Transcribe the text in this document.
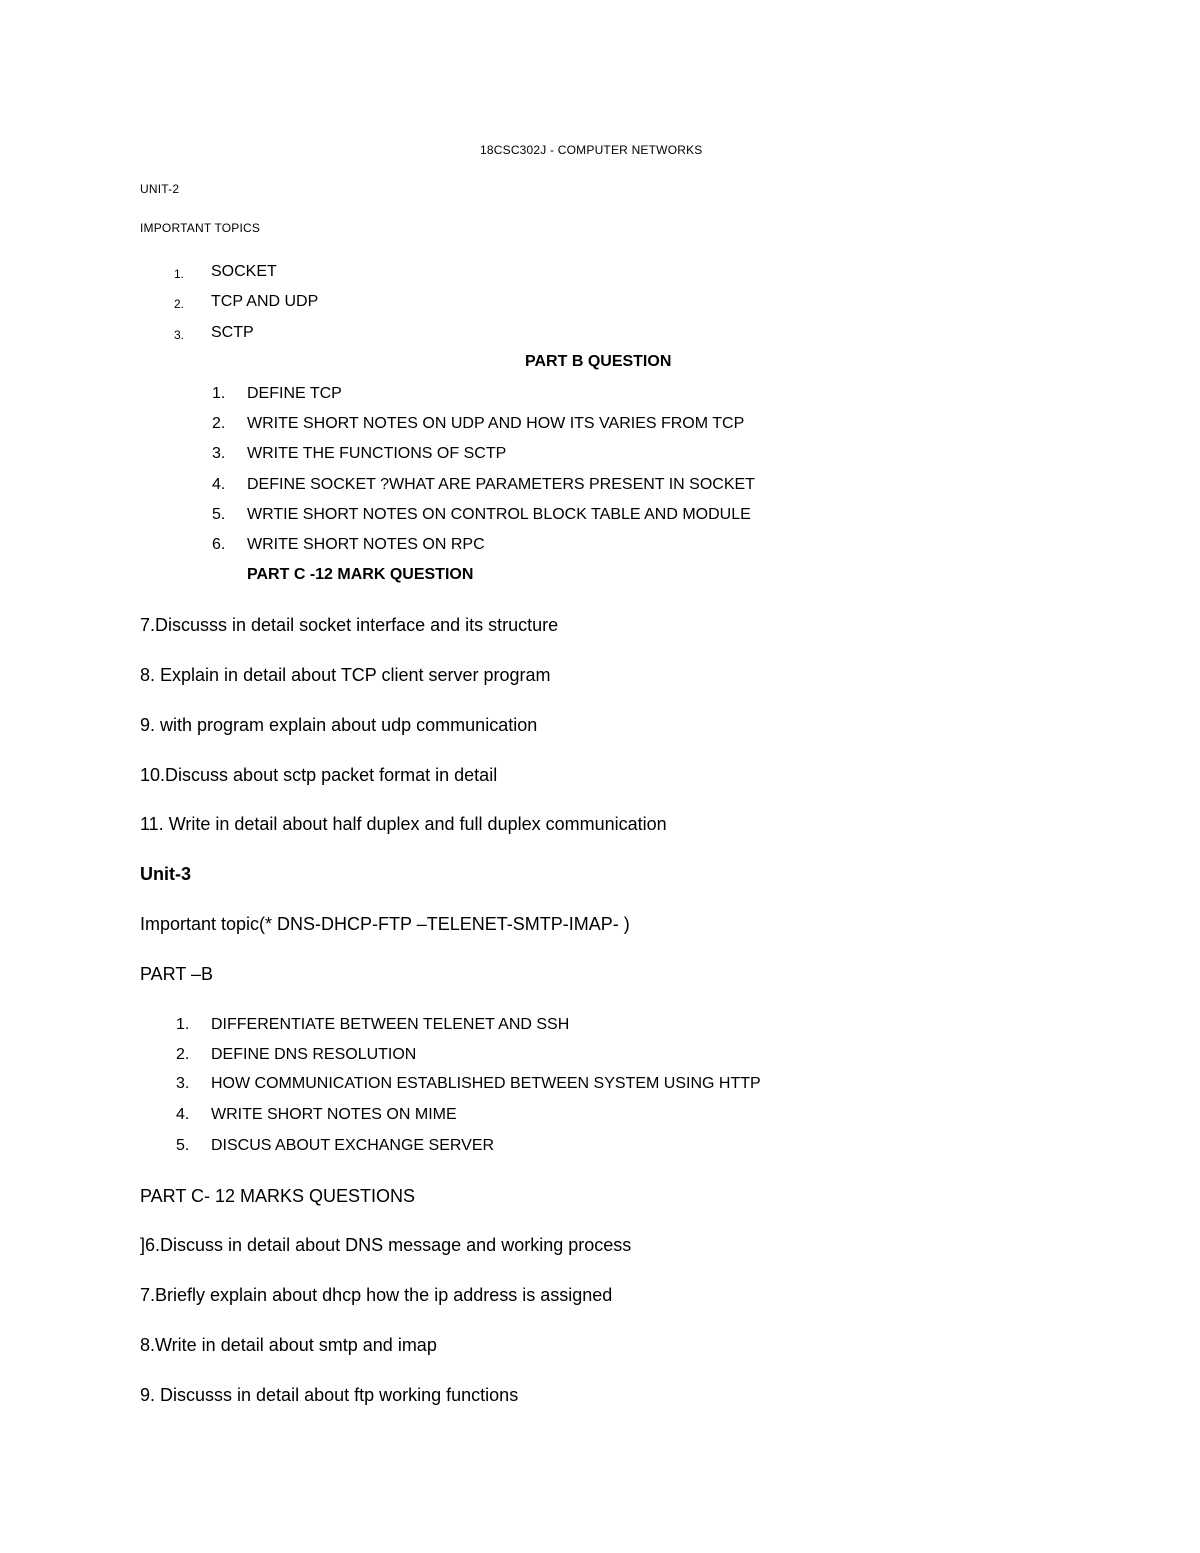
18CSC302J - COMPUTER NETWORKS
UNIT-2
IMPORTANT TOPICS
1. SOCKET
2. TCP AND UDP
3. SCTP
PART B QUESTION
1. DEFINE TCP
2. WRITE SHORT NOTES ON UDP AND HOW ITS VARIES FROM TCP
3. WRITE THE FUNCTIONS OF SCTP
4. DEFINE SOCKET ?WHAT ARE PARAMETERS PRESENT IN SOCKET
5. WRTIE SHORT NOTES ON CONTROL BLOCK TABLE AND MODULE
6. WRITE SHORT NOTES ON RPC
PART C -12 MARK QUESTION
7.Discusss in detail socket interface and its structure
8. Explain in detail about TCP client server program
9. with program explain about udp communication
10.Discuss about sctp packet format in detail
11. Write in detail about half duplex and full duplex communication
Unit-3
Important topic(* DNS-DHCP-FTP –TELENET-SMTP-IMAP- )
PART –B
1. DIFFERENTIATE BETWEEN TELENET AND SSH
2. DEFINE DNS RESOLUTION
3. HOW COMMUNICATION ESTABLISHED BETWEEN SYSTEM USING HTTP
4. WRITE SHORT NOTES ON MIME
5. DISCUS ABOUT EXCHANGE SERVER
PART C- 12 MARKS QUESTIONS
]6.Discuss in detail about DNS message and working process
7.Briefly explain about dhcp how the ip address is assigned
8.Write in detail about smtp and imap
9. Discusss in detail about ftp working functions
